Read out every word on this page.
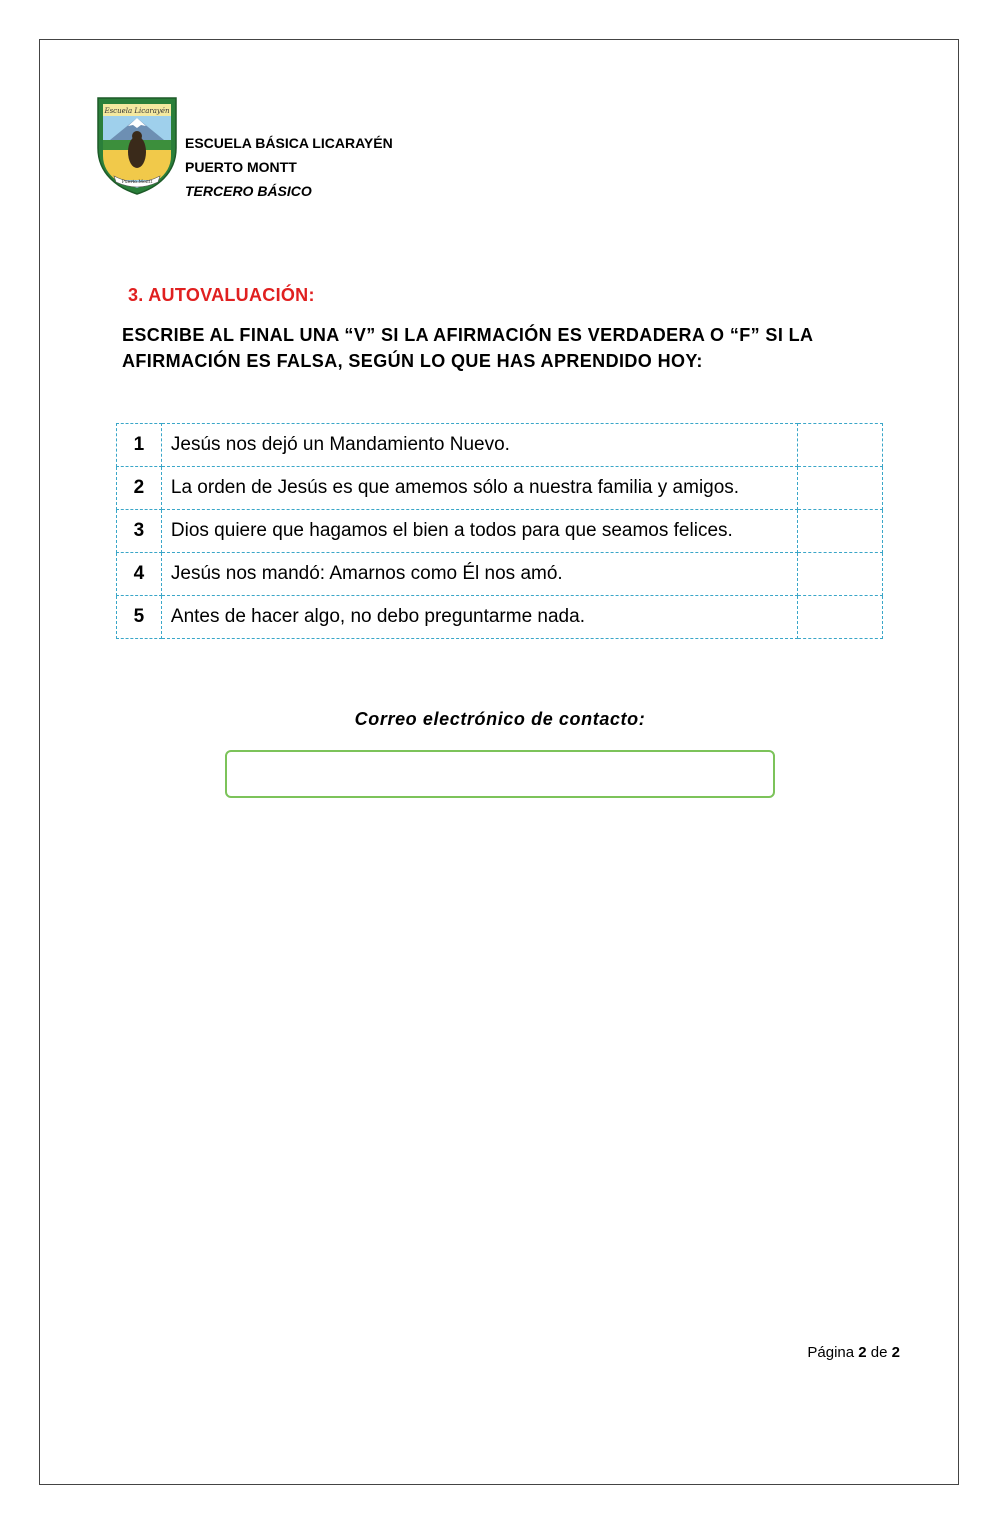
Escuela Licarayén
Puerto Montt
ESCUELA BÁSICA LICARAYÉN
PUERTO MONTT
TERCERO BÁSICO
3. AUTOVALUACIÓN:
ESCRIBE AL FINAL UNA “V” SI LA AFIRMACIÓN ES VERDADERA O “F” SI LA AFIRMACIÓN ES FALSA, SEGÚN LO QUE HAS APRENDIDO HOY:
1	Jesús nos dejó un Mandamiento Nuevo.	
2	La orden de Jesús es que amemos sólo a nuestra familia y amigos.	
3	Dios quiere que hagamos el bien a todos para que seamos felices.	
4	Jesús nos mandó: Amarnos como Él nos amó.	
5	Antes de hacer algo, no debo preguntarme nada.	
Correo electrónico de contacto:
Página 2 de 2
